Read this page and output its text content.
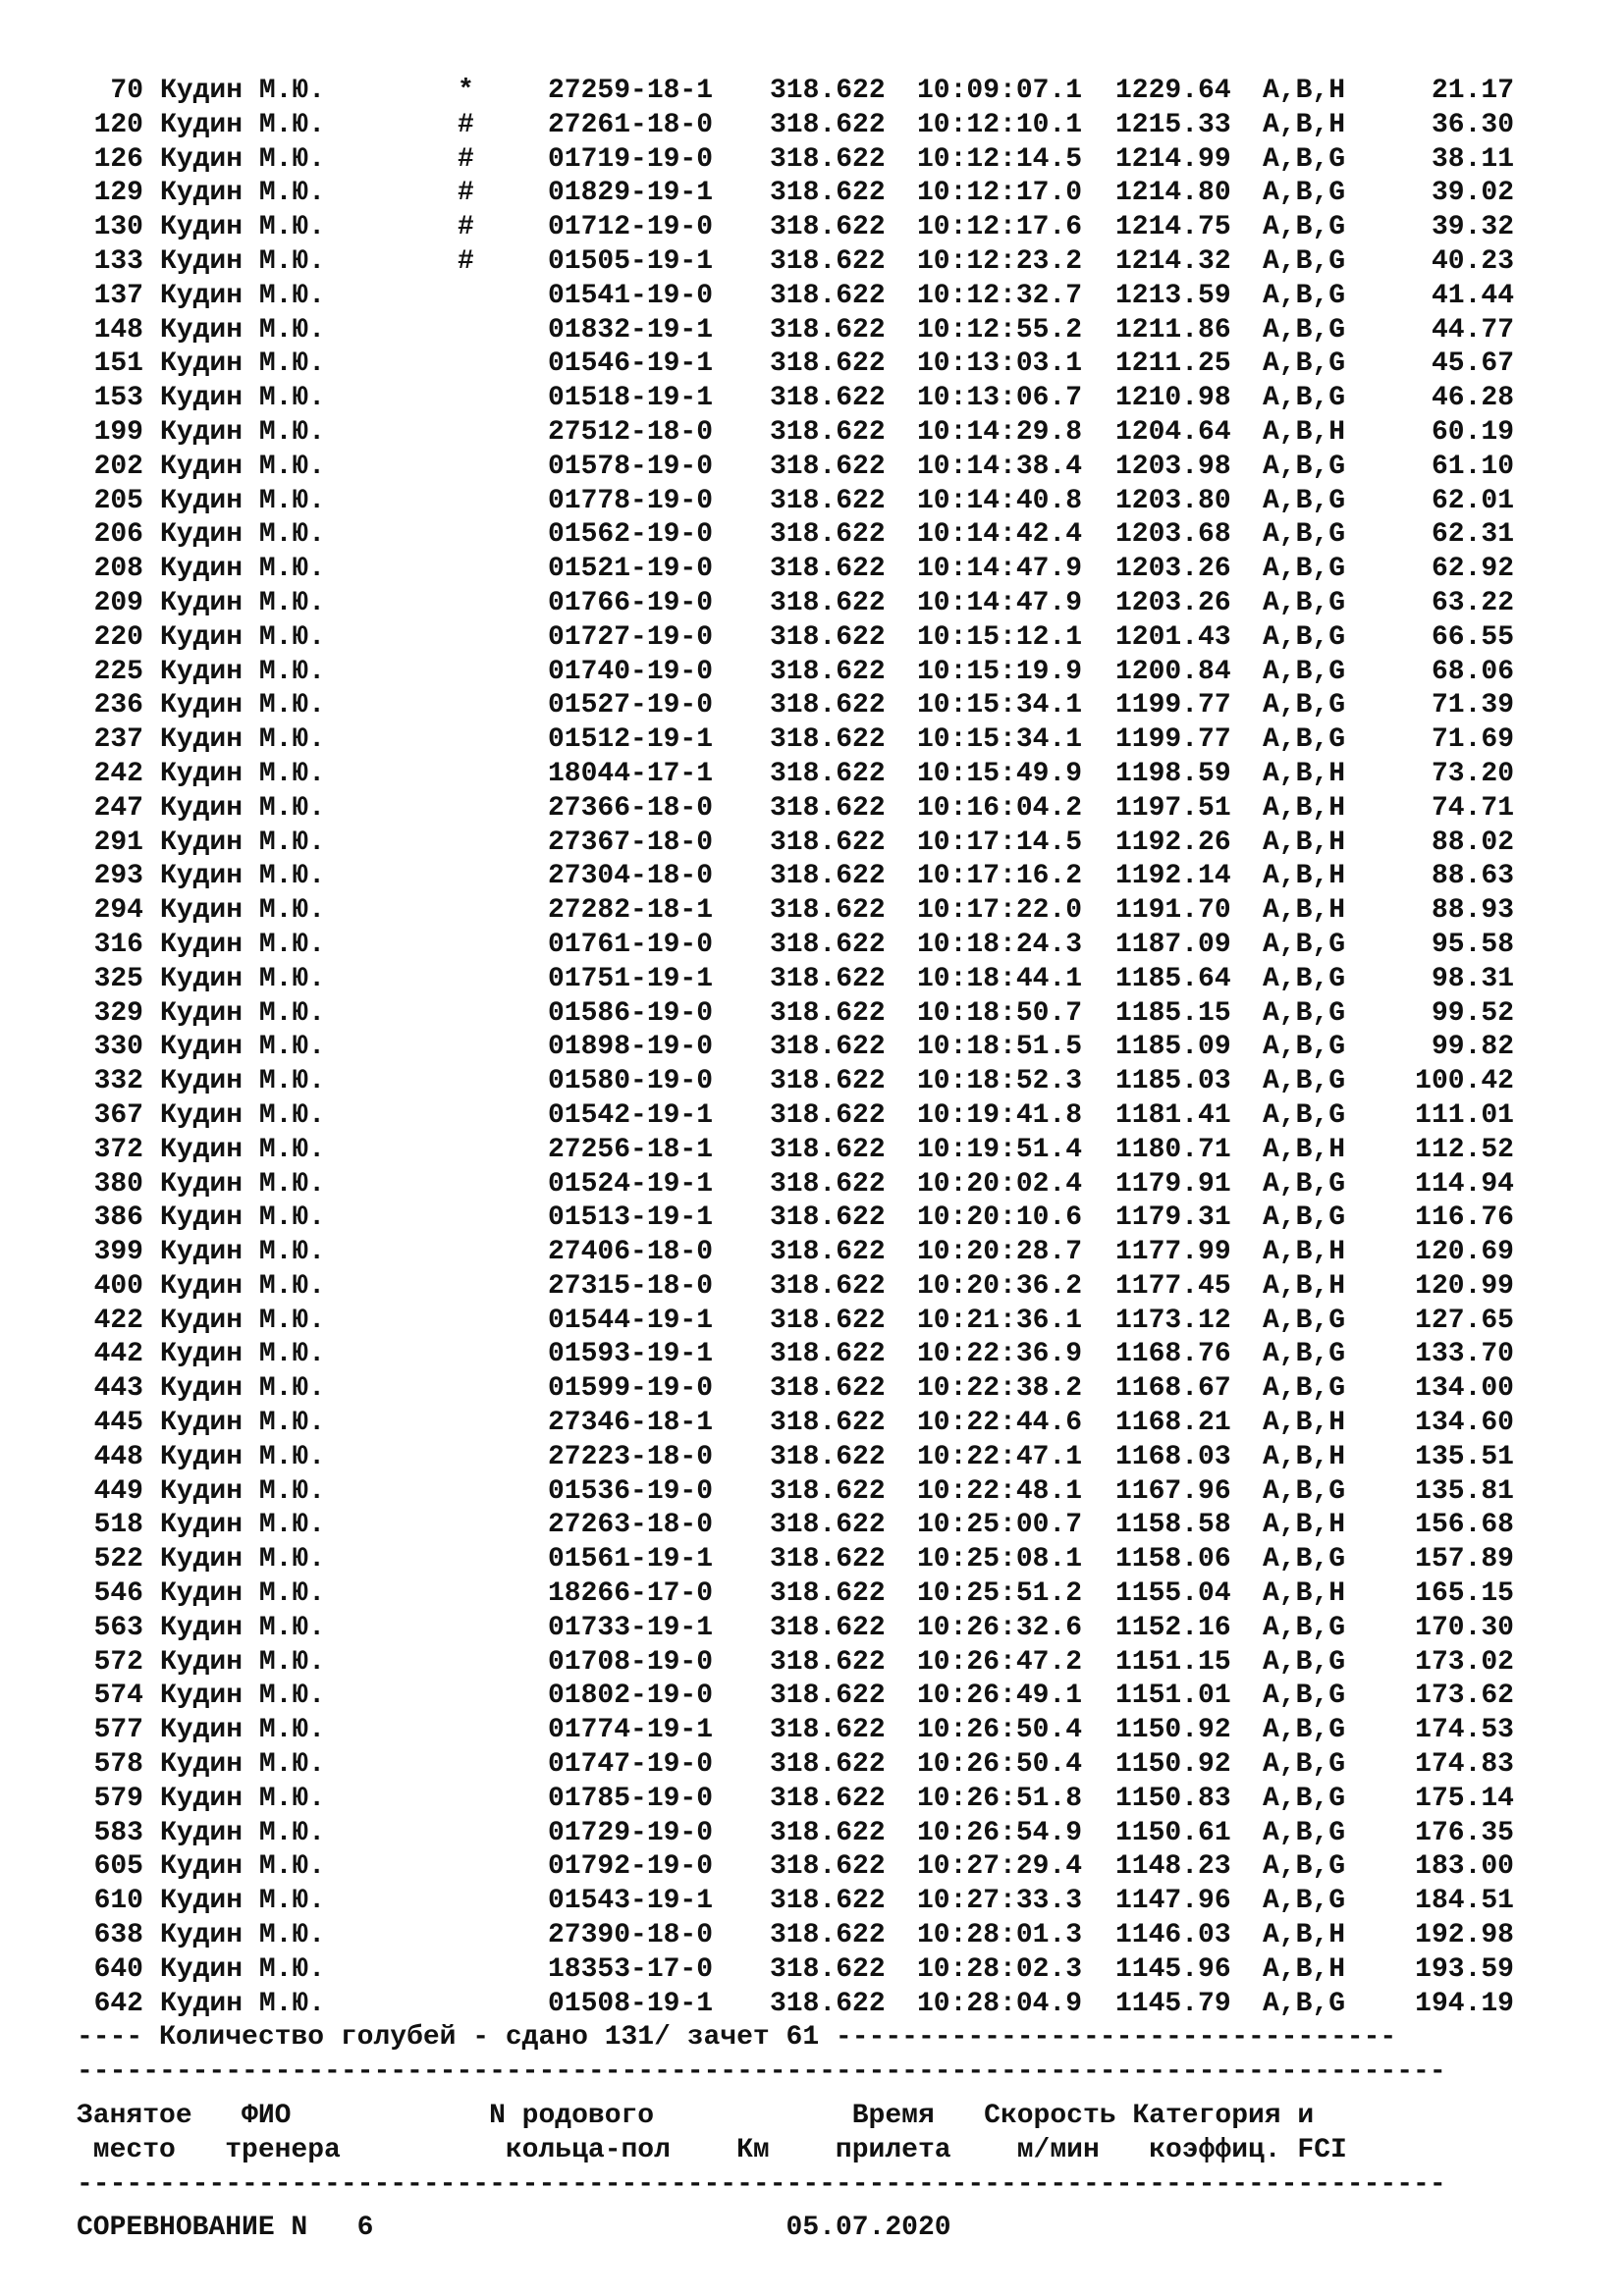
70 Кудин М.Ю.	*	27259-18-1 318.622 10:09:07.1 1229.64 A,B,H	21.17
120 Кудин М.Ю.	#	27261-18-0 318.622 10:12:10.1 1215.33 A,B,H	36.30
126 Кудин М.Ю.	#	01719-19-0 318.622 10:12:14.5 1214.99 A,B,G	38.11
129 Кудин М.Ю.	#	01829-19-1 318.622 10:12:17.0 1214.80 A,B,G	39.02
130 Кудин М.Ю.	#	01712-19-0 318.622 10:12:17.6 1214.75 A,B,G	39.32
133 Кудин М.Ю.	#	01505-19-1 318.622 10:12:23.2 1214.32 A,B,G	40.23
137 Кудин М.Ю.	01541-19-0 318.622 10:12:32.7 1213.59 A,B,G	41.44
148 Кудин М.Ю.	01832-19-1 318.622 10:12:55.2 1211.86 A,B,G	44.77
151 Кудин М.Ю.	01546-19-1 318.622 10:13:03.1 1211.25 A,B,G	45.67
153 Кудин М.Ю.	01518-19-1 318.622 10:13:06.7 1210.98 A,B,G	46.28
199 Кудин М.Ю.	27512-18-0 318.622 10:14:29.8 1204.64 A,B,H	60.19
202 Кудин М.Ю.	01578-19-0 318.622 10:14:38.4 1203.98 A,B,G	61.10
205 Кудин М.Ю.	01778-19-0 318.622 10:14:40.8 1203.80 A,B,G	62.01
206 Кудин М.Ю.	01562-19-0 318.622 10:14:42.4 1203.68 A,B,G	62.31
208 Кудин М.Ю.	01521-19-0 318.622 10:14:47.9 1203.26 A,B,G	62.92
209 Кудин М.Ю.	01766-19-0 318.622 10:14:47.9 1203.26 A,B,G	63.22
220 Кудин М.Ю.	01727-19-0 318.622 10:15:12.1 1201.43 A,B,G	66.55
225 Кудин М.Ю.	01740-19-0 318.622 10:15:19.9 1200.84 A,B,G	68.06
236 Кудин М.Ю.	01527-19-0 318.622 10:15:34.1 1199.77 A,B,G	71.39
237 Кудин М.Ю.	01512-19-1 318.622 10:15:34.1 1199.77 A,B,G	71.69
242 Кудин М.Ю.	18044-17-1 318.622 10:15:49.9 1198.59 A,B,H	73.20
247 Кудин М.Ю.	27366-18-0 318.622 10:16:04.2 1197.51 A,B,H	74.71
291 Кудин М.Ю.	27367-18-0 318.622 10:17:14.5 1192.26 A,B,H	88.02
293 Кудин М.Ю.	27304-18-0 318.622 10:17:16.2 1192.14 A,B,H	88.63
294 Кудин М.Ю.	27282-18-1 318.622 10:17:22.0 1191.70 A,B,H	88.93
316 Кудин М.Ю.	01761-19-0 318.622 10:18:24.3 1187.09 A,B,G	95.58
325 Кудин М.Ю.	01751-19-1 318.622 10:18:44.1 1185.64 A,B,G	98.31
329 Кудин М.Ю.	01586-19-0 318.622 10:18:50.7 1185.15 A,B,G	99.52
330 Кудин М.Ю.	01898-19-0 318.622 10:18:51.5 1185.09 A,B,G	99.82
332 Кудин М.Ю.	01580-19-0 318.622 10:18:52.3 1185.03 A,B,G	100.42
367 Кудин М.Ю.	01542-19-1 318.622 10:19:41.8 1181.41 A,B,G	111.01
372 Кудин М.Ю.	27256-18-1 318.622 10:19:51.4 1180.71 A,B,H	112.52
380 Кудин М.Ю.	01524-19-1 318.622 10:20:02.4 1179.91 A,B,G	114.94
386 Кудин М.Ю.	01513-19-1 318.622 10:20:10.6 1179.31 A,B,G	116.76
399 Кудин М.Ю.	27406-18-0 318.622 10:20:28.7 1177.99 A,B,H	120.69
400 Кудин М.Ю.	27315-18-0 318.622 10:20:36.2 1177.45 A,B,H	120.99
422 Кудин М.Ю.	01544-19-1 318.622 10:21:36.1 1173.12 A,B,G	127.65
442 Кудин М.Ю.	01593-19-1 318.622 10:22:36.9 1168.76 A,B,G	133.70
443 Кудин М.Ю.	01599-19-0 318.622 10:22:38.2 1168.67 A,B,G	134.00
445 Кудин М.Ю.	27346-18-1 318.622 10:22:44.6 1168.21 A,B,H	134.60
448 Кудин М.Ю.	27223-18-0 318.622 10:22:47.1 1168.03 A,B,H	135.51
449 Кудин М.Ю.	01536-19-0 318.622 10:22:48.1 1167.96 A,B,G	135.81
518 Кудин М.Ю.	27263-18-0 318.622 10:25:00.7 1158.58 A,B,H	156.68
522 Кудин М.Ю.	01561-19-1 318.622 10:25:08.1 1158.06 A,B,G	157.89
546 Кудин М.Ю.	18266-17-0 318.622 10:25:51.2 1155.04 A,B,H	165.15
563 Кудин М.Ю.	01733-19-1 318.622 10:26:32.6 1152.16 A,B,G	170.30
572 Кудин М.Ю.	01708-19-0 318.622 10:26:47.2 1151.15 A,B,G	173.02
574 Кудин М.Ю.	01802-19-0 318.622 10:26:49.1 1151.01 A,B,G	173.62
577 Кудин М.Ю.	01774-19-1 318.622 10:26:50.4 1150.92 A,B,G	174.53
578 Кудин М.Ю.	01747-19-0 318.622 10:26:50.4 1150.92 A,B,G	174.83
579 Кудин М.Ю.	01785-19-0 318.622 10:26:51.8 1150.83 A,B,G	175.14
583 Кудин М.Ю.	01729-19-0 318.622 10:26:54.9 1150.61 A,B,G	176.35
605 Кудин М.Ю.	01792-19-0 318.622 10:27:29.4 1148.23 A,B,G	183.00
610 Кудин М.Ю.	01543-19-1 318.622 10:27:33.3 1147.96 A,B,G	184.51
638 Кудин М.Ю.	27390-18-0 318.622 10:28:01.3 1146.03 A,B,H	192.98
640 Кудин М.Ю.	18353-17-0 318.622 10:28:02.3 1145.96 A,B,H	193.59
642 Кудин М.Ю.	01508-19-1 318.622 10:28:04.9 1145.79 A,B,G	194.19
---- Количество голубей - сдано 131/ зачет 61 ----------------------------------
-----------------------------------------------------------------------------------
Занятое   ФИО            N родового            Время   Скорость Категория и
место   тренера          кольца-пол    Км    прилета    м/мин   коэффиц. FCI
-----------------------------------------------------------------------------------
СОРЕВНОВАНИЕ N   6	05.07.2020
